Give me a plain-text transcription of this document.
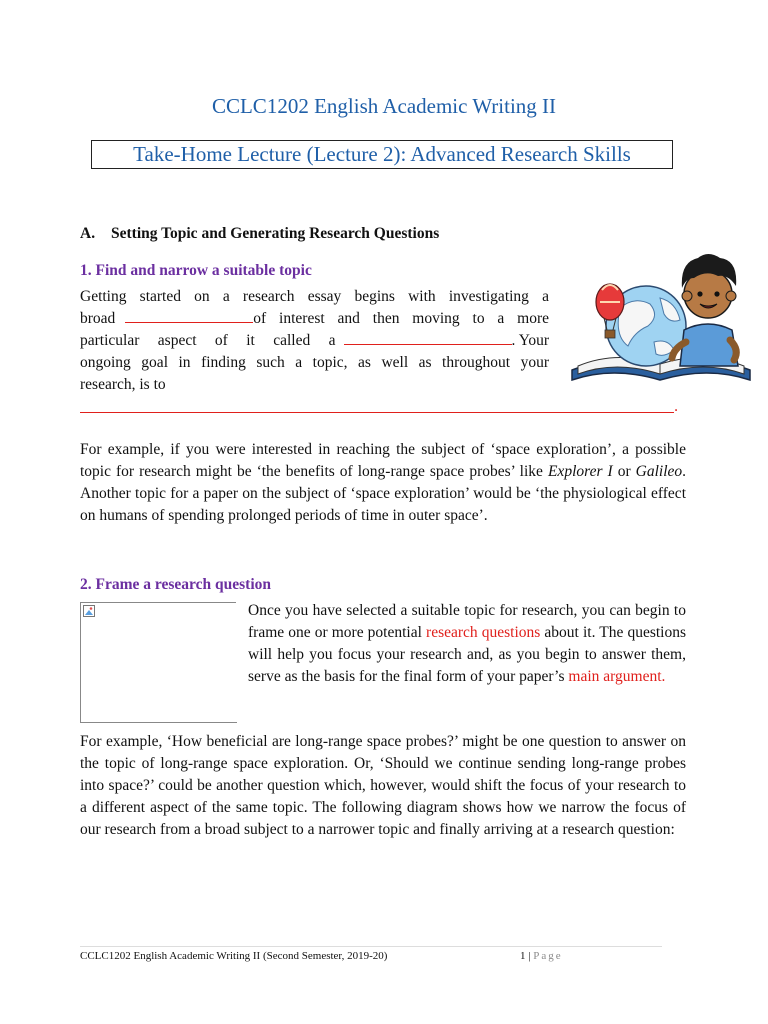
CCLC1202 English Academic Writing II
Take-Home Lecture (Lecture 2): Advanced Research Skills
A. Setting Topic and Generating Research Questions
1. Find and narrow a suitable topic
Getting started on a research essay begins with investigating a
broad	of interest and then moving to a more
particular aspect of it called a	. Your
ongoing goal in finding such a topic, as well as throughout your
research, is to
.
For example, if you were interested in reaching the subject of ‘space exploration’, a possible topic for research might be ‘the benefits of long-range space probes’ like Explorer I or Galileo. Another topic for a paper on the subject of ‘space exploration’ would be ‘the physiological effect on humans of spending prolonged periods of time in outer space’.
2. Frame a research question
Once you have selected a suitable topic for research, you can begin to frame one or more potential research questions about it. The questions will help you focus your research and, as you begin to answer them, serve as the basis for the final form of your paper’s main argument.
For example, ‘How beneficial are long-range space probes?’ might be one question to answer on the topic of long-range space exploration. Or, ‘Should we continue sending long-range probes into space?’ could be another question which, however, would shift the focus of your research to a different aspect of the same topic. The following diagram shows how we narrow the focus of our research from a broad subject to a narrower topic and finally arriving at a research question:
CCLC1202 English Academic Writing II (Second Semester, 2019-20)	1 | Page
